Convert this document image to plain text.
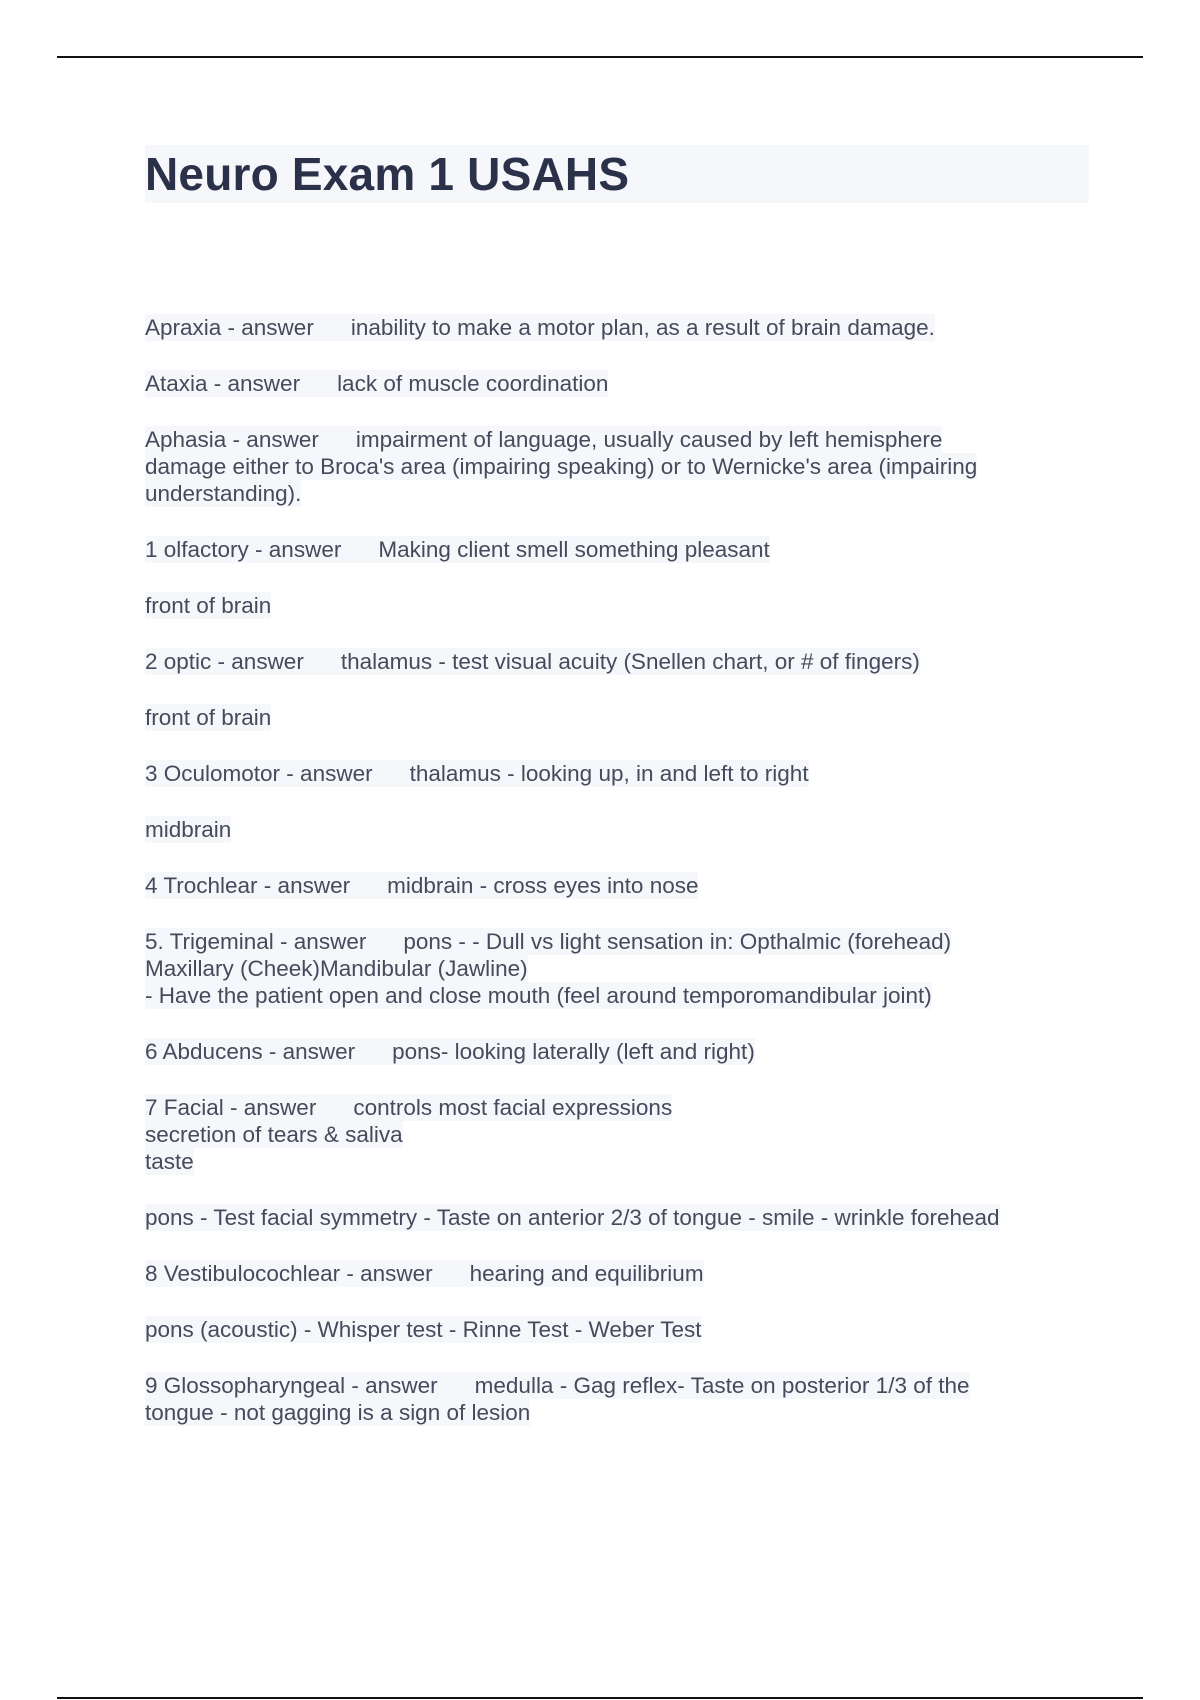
Neuro Exam 1 USAHS
Apraxia - answer inability to make a motor plan, as a result of brain damage.
Ataxia - answer lack of muscle coordination
Aphasia - answer impairment of language, usually caused by left hemisphere
damage either to Broca's area (impairing speaking) or to Wernicke's area (impairing
understanding).
1 olfactory - answer Making client smell something pleasant
front of brain
2 optic - answer thalamus - test visual acuity (Snellen chart, or # of fingers)
front of brain
3 Oculomotor - answer thalamus - looking up, in and left to right
midbrain
4 Trochlear - answer midbrain - cross eyes into nose
5. Trigeminal - answer pons - - Dull vs light sensation in: Opthalmic (forehead)
Maxillary (Cheek)Mandibular (Jawline)
- Have the patient open and close mouth (feel around temporomandibular joint)
6 Abducens - answer pons- looking laterally (left and right)
7 Facial - answer controls most facial expressions
secretion of tears & saliva
taste
pons - Test facial symmetry - Taste on anterior 2/3 of tongue - smile - wrinkle forehead
8 Vestibulocochlear - answer hearing and equilibrium
pons (acoustic) - Whisper test - Rinne Test - Weber Test
9 Glossopharyngeal - answer medulla - Gag reflex- Taste on posterior 1/3 of the
tongue - not gagging is a sign of lesion
